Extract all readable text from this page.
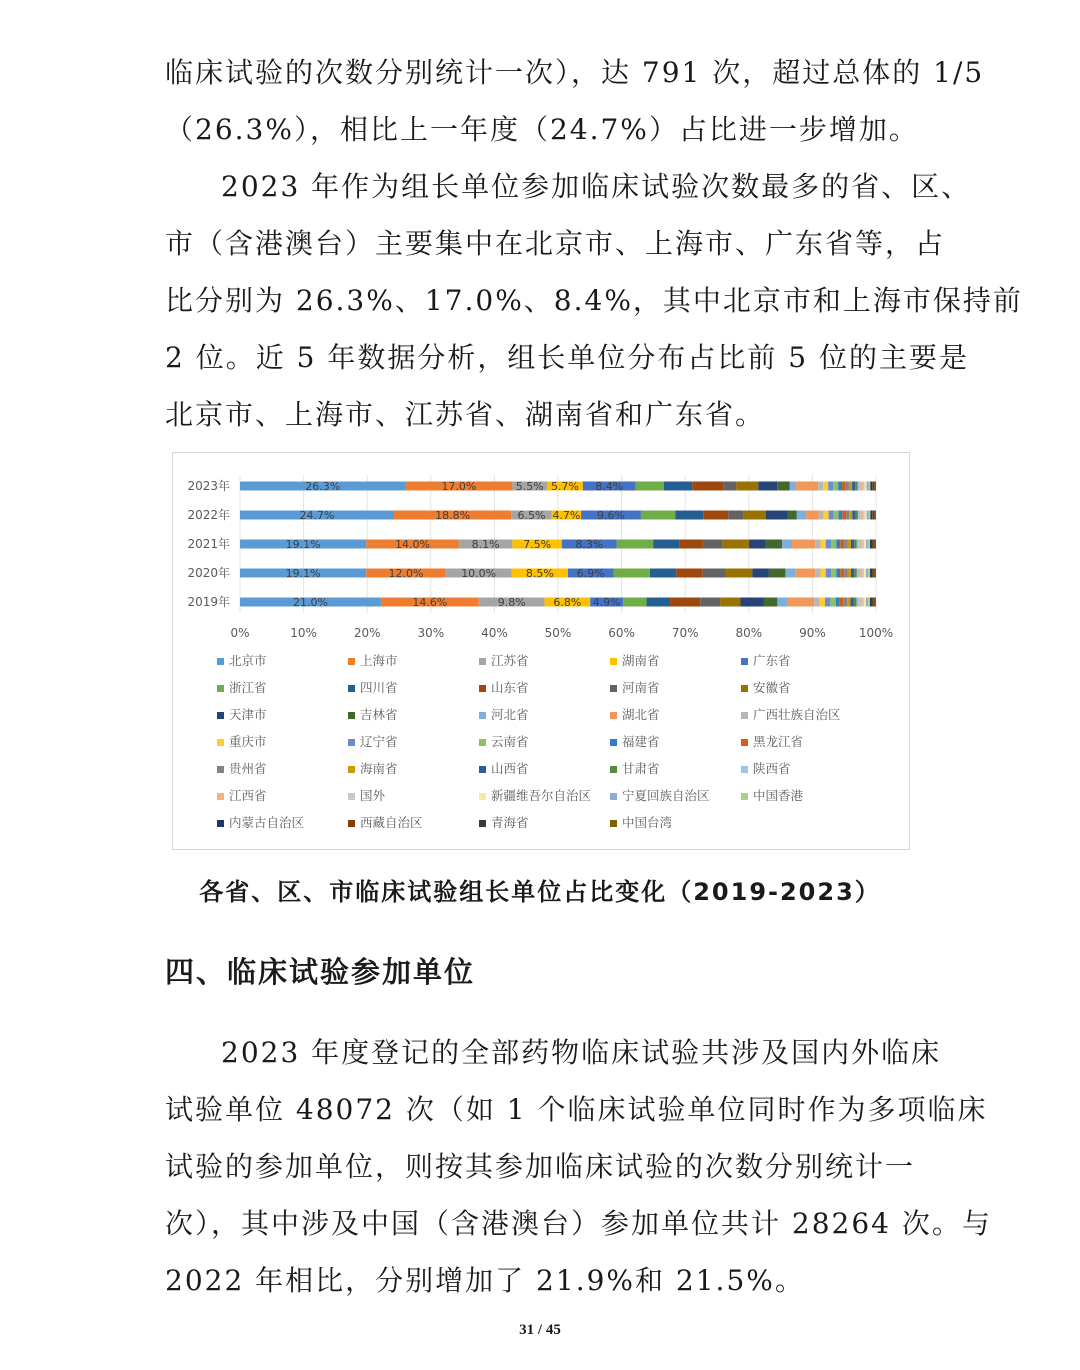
临床试验的次数分别统计一次），达 791 次，超过总体的 1/5
（26.3%），相比上一年度（24.7%）占比进一步增加。
2023 年作为组长单位参加临床试验次数最多的省、区、
市（含港澳台）主要集中在北京市、上海市、广东省等，占
比分别为 26.3%、17.0%、8.4%，其中北京市和上海市保持前
2 位。近 5 年数据分析，组长单位分布占比前 5 位的主要是
北京市、上海市、江苏省、湖南省和广东省。
0%	10%	20%	30%	40%	50%	60%	70%	80%	90%	100%
2023年
2022年
2021年
2020年
2019年
26.3%	17.0%	5.5% 5.7% 8.4%
24.7%	18.8%	6.5% 4.7% 9.6%
19.1%	14.0%	8.1% 7.5% 8.3%
19.1%	12.0%	10.0%	8.5% 6.9%
21.0%	14.6%	9.8%	6.8% 4.9%
北京市	上海市	江苏省	湖南省	广东省
浙江省	四川省	山东省	河南省	安徽省
天津市	吉林省	河北省	湖北省	广西壮族自治区
重庆市	辽宁省	云南省	福建省	黑龙江省
贵州省	海南省	山西省	甘肃省	陕西省
江西省	国外	新疆维吾尔自治区 宁夏回族自治区	中国香港
内蒙古自治区	西藏自治区	青海省	中国台湾
各省、区、市临床试验组长单位占比变化（2019-2023）
四、临床试验参加单位
2023 年度登记的全部药物临床试验共涉及国内外临床
试验单位 48072 次（如 1 个临床试验单位同时作为多项临床
试验的参加单位，则按其参加临床试验的次数分别统计一
次），其中涉及中国（含港澳台）参加单位共计 28264 次。与
2022 年相比，分别增加了 21.9%和 21.5%。
31 / 45
